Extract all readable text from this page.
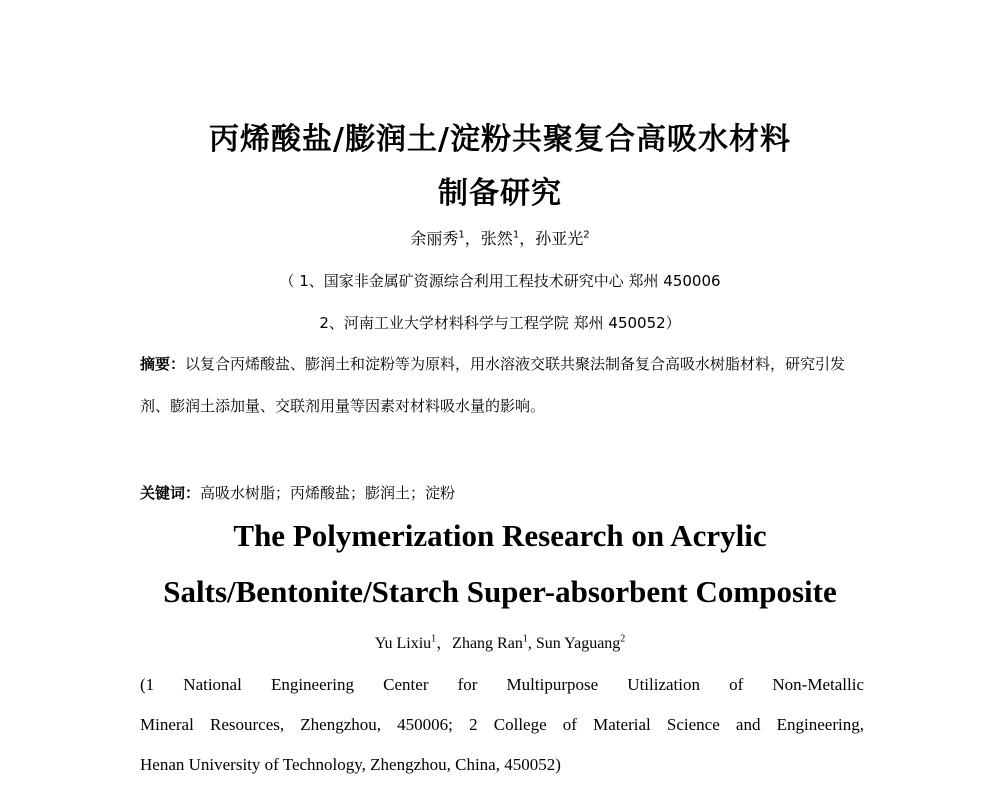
丙烯酸盐/膨润土/淀粉共聚复合高吸水材料
制备研究
余丽秀$^1$，张然$^1$，孙亚光$^2$
（ 1、国家非金属矿资源综合利用工程技术研究中心 郑州 450006
2、河南工业大学材料科学与工程学院 郑州 450052）
摘要：以复合丙烯酸盐、膨润土和淀粉等为原料，用水溶液交联共聚法制备复合高吸水树脂材料，研究引发剂、膨润土添加量、交联剂用量等因素对材料吸水量的影响。
关键词：高吸水树脂；丙烯酸盐；膨润土；淀粉
The Polymerization Research on Acrylic
Salts/Bentonite/Starch Super-absorbent Composite
Yu Lixiu$^1$，Zhang Ran$^1$, Sun Yaguang$^2$
(1 National Engineering Center for Multipurpose Utilization of Non-Metallic
Mineral Resources, Zhengzhou, 450006; 2 College of Material Science and Engineering,
Henan University of Technology, Zhengzhou, China, 450052)
